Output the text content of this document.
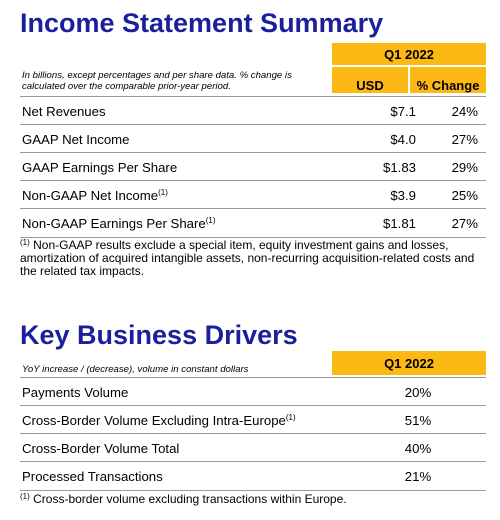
Income Statement Summary
Q1 2022
USD	% Change
In billions, except percentages and per share data. % change is calculated over the comparable prior-year period.
Net Revenues	$7.1	24%
GAAP Net Income	$4.0	27%
GAAP Earnings Per Share	$1.83	29%
Non-GAAP Net Income$^{(1)}$	$3.9	25%
Non-GAAP Earnings Per Share$^{(1)}$	$1.81	27%
$^{(1)}$ Non-GAAP results exclude a special item, equity investment gains and losses, amortization of acquired intangible assets, non-recurring acquisition-related costs and the related tax impacts.
Key Business Drivers
YoY increase / (decrease), volume in constant dollars	Q1 2022
Payments Volume	20%
Cross-Border Volume Excluding Intra-Europe$^{(1)}$	51%
Cross-Border Volume Total	40%
Processed Transactions	21%
$^{(1)}$ Cross-border volume excluding transactions within Europe.
